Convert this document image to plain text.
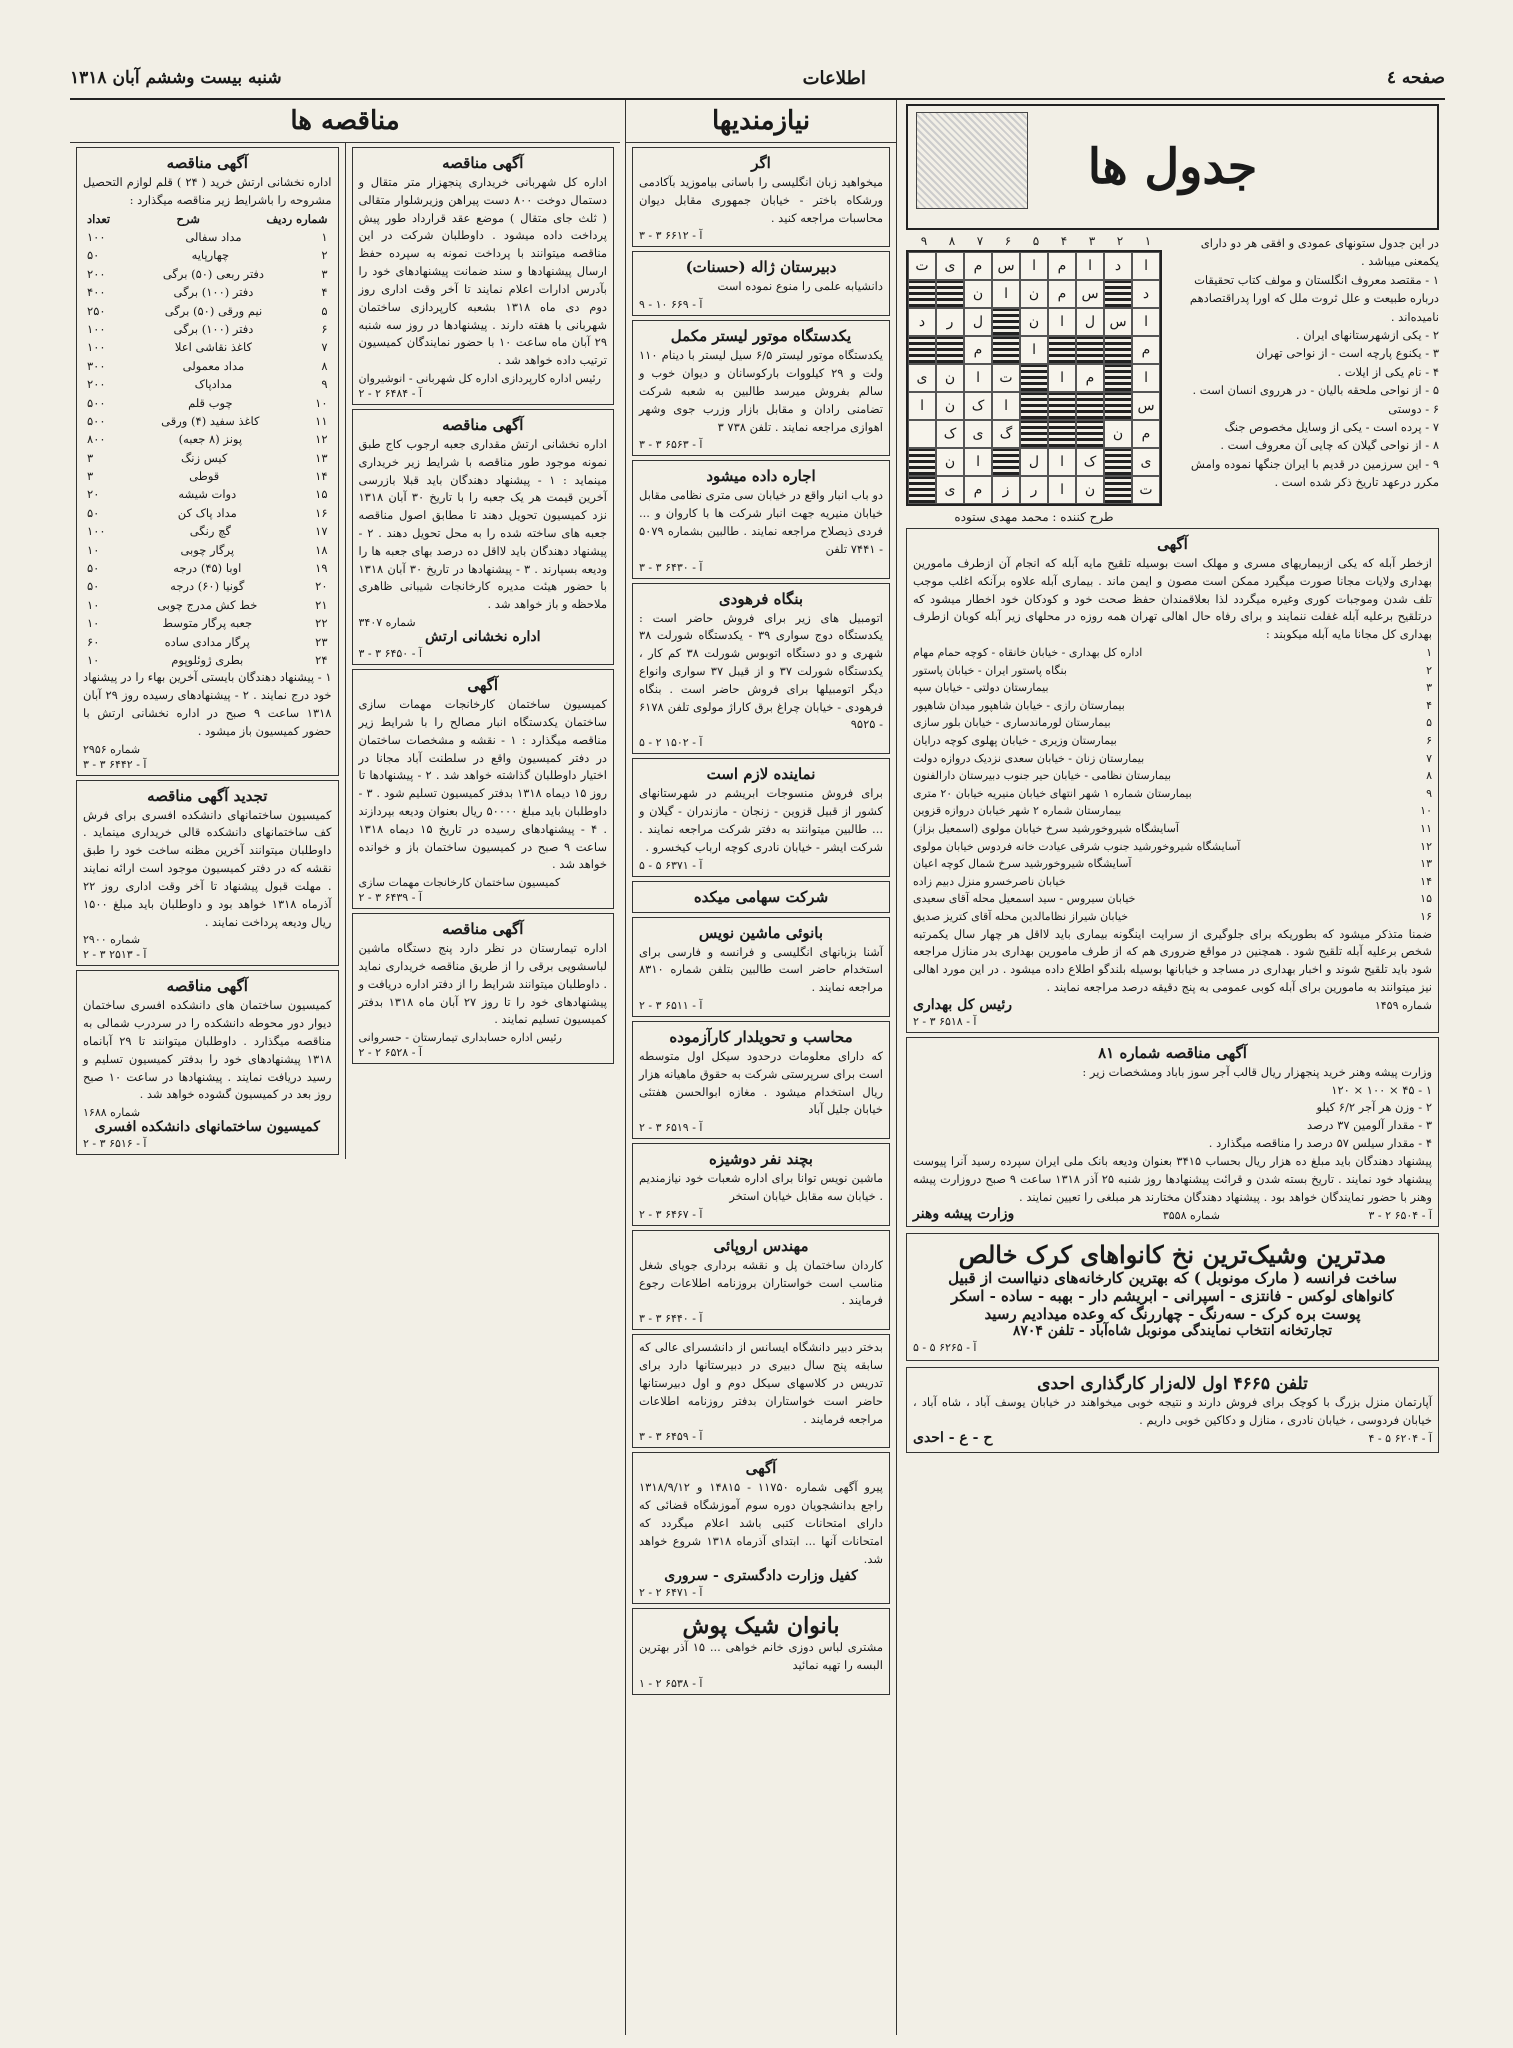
صفحه ٤
اطلاعات
شنبه بیست وششم آبان ۱۳۱۸
جدول ها
در این جدول ستونهای عمودی و افقی هر دو دارای یکمعنی میباشد .
۱ - مقتصد معروف انگلستان و مولف کتاب تحقیقات درباره طبیعت و علل ثروت ملل که اورا پدراقتصادهم نامیده‌اند .
۲ - یکی ازشهرستانهای ایران .
۳ - یکنوع پارچه است - از نواحی تهران
۴ - نام یکی از ایلات .
۵ - از نواحی ملحقه بالیان - در هرروی انسان است .
۶ - دوستی
۷ - پرده است - یکی از وسایل مخصوص جنگ
۸ - از نواحی گیلان که چایی آن معروف است .
۹ - این سرزمین در قدیم با ایران جنگها نموده وامش مکرر درعهد تاریخ ذکر شده است .
۱
۲
۳
۴
۵
۶
۷
۸
۹
ا
د
ا
م
ا
س
م
ی
ت
د
س
م
ن
ا
ن
ا
س
ل
ا
ن
ل
ر
د
م
ا
م
ا
م
ا
ت
ا
ن
ی
س
ا
ک
ن
ا
م
ن
گ
ی
ک
ی
ک
ا
ل
ا
ن
ت
ن
ا
ر
ز
م
ی
طرح کننده : محمد مهدی ستوده
آگهی
ازخطر آبله که یکی ازبیماریهای مسری و مهلک است بوسیله تلقیح مایه آبله که انجام آن ازطرف مامورین بهداری ولایات مجانا صورت میگیرد ممکن است مصون و ایمن ماند . بیماری آبله علاوه برآنکه اغلب موجب تلف شدن وموجبات کوری وغیره میگردد لذا بعلاقمندان حفظ صحت خود و کودکان خود اخطار میشود که درتلقیح برعلیه آبله غفلت ننمایند و برای رفاه حال اهالی تهران همه روزه در محلهای زیر آبله کوبان ازطرف بهداری کل مجانا مایه آبله میکوبند :
۱
اداره کل بهداری - خیابان خانقاه - کوچه حمام مهام
۲
بنگاه پاستور ایران - خیابان پاستور
۳
بیمارستان دولتی - خیابان سپه
۴
بیمارستان رازی - خیابان شاهپور میدان شاهپور
۵
بیمارستان لورماندساری - خیابان بلور سازی
۶
بیمارستان وزیری - خیابان پهلوی کوچه درایان
۷
بیمارستان زنان - خیابان سعدی نزدیک دروازه دولت
۸
بیمارستان نظامی - خیابان حیر جنوب دبیرستان دارالفنون
۹
بیمارستان شماره ۱ شهر انتهای خیابان منیریه خیابان ۲۰ متری
۱۰
بیمارستان شماره ۲ شهر خیابان دروازه قزوین
۱۱
آسایشگاه شیروخورشید سرخ خیابان مولوی (اسمعیل بزاز)
۱۲
آسایشگاه شیروخورشید جنوب شرقی عیادت خانه فردوس خیابان مولوی
۱۳
آسایشگاه شیروخورشید سرخ شمال کوچه اعیان
۱۴
خیابان ناصرخسرو منزل دبیم زاده
۱۵
خیابان سیروس - سید اسمعیل محله آقای سعیدی
۱۶
خیابان شیراز نظامالدین محله آقای کتریز صدیق
ضمنا متذکر میشود که بطوریکه برای جلوگیری از سرایت اینگونه بیماری باید لااقل هر چهار سال یکمرتبه شخص برعلیه آبله تلقیح شود . همچنین در مواقع ضروری هم که از طرف مامورین بهداری بدر منازل مراجعه شود باید تلقیح شوند و اخبار بهداری در مساجد و خیابانها بوسیله بلندگو اطلاع داده میشود . در این مورد اهالی نیز میتوانند به مامورین برای آبله کوبی عمومی به پنج دقیقه درصد مراجعه نمایند .
شماره ۱۴۵۹
رئیس کل بهداری
آ - ۶۵۱۸ ۳ - ۲
آگهی مناقصه شماره ۸۱
وزارت پیشه وهنر خرید پنجهزار ریال قالب آجر سوز باباد ومشخصات زیر :
۱ - ۴۵ × ۱۰۰ × ۱۲۰
۲ - وزن هر آجر ۶/۲ کیلو
۳ - مقدار آلومین ۳۷ درصد
۴ - مقدار سیلس ۵۷ درصد را مناقصه میگذارد .
پیشنهاد دهندگان باید مبلغ ده هزار ریال بحساب ۳۴۱۵ بعنوان ودیعه بانک ملی ایران سپرده رسید آنرا پیوست پیشنهاد خود نمایند . تاریخ بسته شدن و قرائت پیشنهادها روز شنبه ۲۵ آذر ۱۳۱۸ ساعت ۹ صبح دروزارت پیشه وهنر با حضور نمایندگان خواهد بود . پیشنهاد دهندگان مختارند هر مبلغی را تعیین نمایند .
آ - ۶۵۰۴ ۲ - ۳
شماره ۳۵۵۸
وزارت پیشه وهنر
مدترین وشیک‌ترین نخ کانواهای کرک خالص
ساخت فرانسه ( مارک مونوبل ) که بهترین کارخانه‌های دنیااست از قبیل
کانواهای لوکس - فانتزی - اسپرانی - ابریشم دار - بهبه - ساده - اسکر
پوست بره کرک - سه‌رنگ - چهاررنگ که وعده میدادیم رسید
تجارتخانه انتخاب نمایندگی مونوبل شاه‌آباد - تلفن ۸۷۰۴
آ - ۶۲۶۵ ۵ - ۵
تلفن ۴۶۶۵ اول لاله‌زار کارگذاری احدی
آپارتمان منزل بزرگ با کوچک برای فروش دارند و نتیجه خوبی میخواهند در خیابان یوسف آباد ، شاه آباد ، خیابان فردوسی ، خیابان نادری ، منازل و دکاکین خوبی داریم .
آ - ۶۲۰۴ ۵ - ۴
ح - ع - احدی
نیازمندیها
اگر
میخواهید زبان انگلیسی را باسانی بیاموزید بآکادمی ورشکاه باختر - خیابان جمهوری مقابل دیوان محاسبات مراجعه کنید .
آ - ۶۶۱۲ ۳ - ۳
دبیرستان ژاله (حسنات)
دانشیابه علمی را منوع نموده است
آ - ۶۶۹ ۱۰ - ۹
یکدستگاه موتور لیستر مکمل
یکدستگاه موتور لیستر ۶/۵ سیل لیستر با دینام ۱۱۰ ولت و ۲۹ کیلووات بارکوسانان و دیوان خوب و سالم بفروش میرسد طالبین به شعبه شرکت تضامنی رادان و مقابل بازار وزرب جوی وشهر اهوازی مراجعه نمایند . تلفن ۷۳۸ ۳
آ - ۶۵۶۳ ۳ - ۳
اجاره داده میشود
دو باب انبار واقع در خیابان سی متری نظامی مقابل خیابان منیریه جهت انبار شرکت ها با کاروان و ... فردی ذیصلاح مراجعه نمایند . طالبین بشماره ۵۰۷۹ - ۷۴۴۱ تلفن
آ - ۶۴۳۰ ۳ - ۳
بنگاه فرهودی
اتومبیل های زیر برای فروش حاضر است : یکدستگاه دوج سواری ۳۹ - یکدستگاه شورلت ۳۸ شهری و دو دستگاه اتوبوس شورلت ۳۸ کم کار ، یکدستگاه شورلت ۳۷ و از قیبل ۳۷ سواری وانواع دیگر اتومبیلها برای فروش حاضر است . بنگاه فرهودی - خیابان چراغ برق کاراژ مولوی تلفن ۶۱۷۸ - ۹۵۲۵
آ - ۱۵۰۲ ۲ - ۵
نماینده لازم است
برای فروش منسوجات ابریشم در شهرستانهای کشور از قبیل قزوین - زنجان - مازندران - گیلان و ... طالبین میتوانند به دفتر شرکت مراجعه نمایند . شرکت ایشر - خیابان نادری کوچه ارباب کیخسرو .
آ - ۶۳۷۱ ۵ - ۵
شرکت سهامی میکده
بانوئی ماشین نویس
آشنا بزبانهای انگلیسی و فرانسه و فارسی برای استخدام حاضر است طالبین بتلفن شماره ۸۳۱۰ مراجعه نمایند .
آ - ۶۵۱۱ ۳ - ۲
محاسب و تحویلدار کارآزموده
که دارای معلومات درحدود سیکل اول متوسطه است برای سرپرستی شرکت به حقوق ماهیانه هزار ریال استخدام میشود . مغازه ابوالحسن هفتئی خیابان جلیل آباد
آ - ۶۵۱۹ ۳ - ۲
بچند نفر دوشیزه
ماشین نویس توانا برای اداره شعبات خود نیازمندیم . خیابان سه مقابل خیابان استخر
آ - ۶۴۶۷ ۳ - ۲
مهندس اروپائی
کاردان ساختمان پل و نقشه برداری جویای شغل مناسب است خواستاران بروزنامه اطلاعات رجوع فرمایند .
آ - ۶۴۴۰ ۳ - ۳
بدختر دبیر دانشگاه ایسانس از دانشسرای عالی که سابقه پنج سال دبیری در دبیرستانها دارد برای تدریس در کلاسهای سیکل دوم و اول دبیرستانها حاضر است خواستاران بدفتر روزنامه اطلاعات مراجعه فرمایند .
آ - ۶۴۵۹ ۳ - ۳
آگهی
پیرو آگهی شماره ۱۱۷۵۰ - ۱۴۸۱۵ و ۱۳۱۸/۹/۱۲ راجع بدانشجویان دوره سوم آموزشگاه قضائی که دارای امتحانات کتبی باشد اعلام میگردد که امتحانات آنها ... ابتدای آذرماه ۱۳۱۸ شروع خواهد شد.
کفیل وزارت دادگستری - سروری
آ - ۶۴۷۱ ۲ - ۲
بانوان شیک پوش
مشتری لباس دوزی خانم خواهی ... ۱۵ آذر بهترین البسه را تهیه نمائید
آ - ۶۵۳۸ ۲ - ۱
مناقصه ها
آگهی مناقصه
اداره کل شهربانی خریداری پنجهزار متر متقال و دستمال دوخت ۸۰۰ دست پیراهن وزیرشلوار متقالی ( ثلث جای متقال ) موضع عقد قرارداد طور پیش پرداخت داده میشود . داوطلبان شرکت در این مناقصه میتوانند با پرداخت نمونه به سپرده حفظ ارسال پیشنهادها و سند ضمانت پیشنهادهای خود را بآدرس ادارات اعلام نمایند تا آخر وقت اداری روز دوم دی ماه ۱۳۱۸ بشعبه کارپردازی ساختمان شهربانی با هفته دارند . پیشنهادها در روز سه شنبه ۲۹ آبان ماه ساعت ۱۰ با حضور نمایندگان کمیسیون ترتیب داده خواهد شد .
رئیس اداره کارپردازی اداره کل شهربانی - انوشیروان
آ - ۶۴۸۴ ۲ - ۲
آگهی مناقصه
اداره نخشانی ارتش مقداری جعبه ارجوب کاج طبق نمونه موجود طور مناقصه با شرایط زیر خریداری مینماید : ۱ - پیشنهاد دهندگان باید قبلا بازرسی آخرین قیمت هر یک جعبه را با تاریخ ۳۰ آبان ۱۳۱۸ نزد کمیسیون تحویل دهند تا مطابق اصول مناقصه جعبه های ساخته شده را به محل تحویل دهند . ۲ - پیشنهاد دهندگان باید لااقل ده درصد بهای جعبه ها را ودیعه بسپارند . ۳ - پیشنهادها در تاریخ ۳۰ آبان ۱۳۱۸ با حضور هیئت مدیره کارخانجات شیبانی ظاهری ملاحظه و باز خواهد شد .
شماره ۳۴۰۷
اداره نخشانی ارتش
آ - ۶۴۵۰ ۳ - ۳
آگهی
کمیسیون ساختمان کارخانجات مهمات سازی ساختمان یکدستگاه انبار مصالح را با شرایط زیر مناقصه میگذارد : ۱ - نقشه و مشخصات ساختمان در دفتر کمیسیون واقع در سلطنت آباد مجانا در اختیار داوطلبان گذاشته خواهد شد . ۲ - پیشنهادها تا روز ۱۵ دیماه ۱۳۱۸ بدفتر کمیسیون تسلیم شود . ۳ - داوطلبان باید مبلغ ۵۰۰۰۰ ریال بعنوان ودیعه بپردازند . ۴ - پیشنهادهای رسیده در تاریخ ۱۵ دیماه ۱۳۱۸ ساعت ۹ صبح در کمیسیون ساختمان باز و خوانده خواهد شد .
کمیسیون ساختمان کارخانجات مهمات سازی
آ - ۶۴۳۹ ۳ - ۲
آگهی مناقصه
اداره تیمارستان در نظر دارد پنج دستگاه ماشین لباسشویی برقی را از طریق مناقصه خریداری نماید . داوطلبان میتوانند شرایط را از دفتر اداره دریافت و پیشنهادهای خود را تا روز ۲۷ آبان ماه ۱۳۱۸ بدفتر کمیسیون تسلیم نمایند .
رئیس اداره حسابداری تیمارستان - حسروانی
آ - ۶۵۲۸ ۲ - ۲
آگهی مناقصه
اداره نخشانی ارتش خرید ( ۲۴ ) قلم لوازم التحصیل مشروحه را باشرایط زیر مناقصه میگذارد :
شماره ردیف
شرح
تعداد
۱
مداد سفالی
۱۰۰
۲
چهارپایه
۵۰
۳
دفتر ربعی (۵۰) برگی
۲۰۰
۴
دفتر (۱۰۰) برگی
۴۰۰
۵
نیم ورقی (۵۰) برگی
۲۵۰
۶
دفتر (۱۰۰) برگی
۱۰۰
۷
کاغذ نقاشی اعلا
۱۰۰
۸
مداد معمولی
۳۰۰
۹
مدادپاک
۲۰۰
۱۰
چوب قلم
۵۰۰
۱۱
کاغذ سفید (۴) ورقی
۵۰۰
۱۲
پونز (۸ جعبه)
۸۰۰
۱۳
کیس زنگ
۳
۱۴
قوطی
۳
۱۵
دوات شیشه
۲۰
۱۶
مداد پاک کن
۵۰
۱۷
گچ رنگی
۱۰۰
۱۸
پرگار چوبی
۱۰
۱۹
اوبا (۴۵) درجه
۵۰
۲۰
گونیا (۶۰) درجه
۵۰
۲۱
خط کش مدرج چوبی
۱۰
۲۲
جعبه پرگار متوسط
۱۰
۲۳
پرگار مدادی ساده
۶۰
۲۴
بطری ژوئلوپوم
۱۰
۱ - پیشنهاد دهندگان بایستی آخرین بهاء را در پیشنهاد خود درج نمایند . ۲ - پیشنهادهای رسیده روز ۲۹ آبان ۱۳۱۸ ساعت ۹ صبح در اداره نخشانی ارتش با حضور کمیسیون باز میشود .
شماره ۲۹۵۶
آ - ۶۴۴۲ ۳ - ۳
تجدید آگهی مناقصه
کمیسیون ساختمانهای دانشکده افسری برای فرش کف ساختمانهای دانشکده قالی خریداری مینماید . داوطلبان میتوانند آخرین مظنه ساخت خود را طبق نقشه که در دفتر کمیسیون موجود است ارائه نمایند . مهلت قبول پیشنهاد تا آخر وقت اداری روز ۲۲ آذرماه ۱۳۱۸ خواهد بود و داوطلبان باید مبلغ ۱۵۰۰ ریال ودیعه پرداخت نمایند .
شماره ۲۹۰۰
آ - ۲۵۱۳ ۳ - ۲
آگهی مناقصه
کمیسیون ساختمان های دانشکده افسری ساختمان دیوار دور محوطه دانشکده را در سردرب شمالی به مناقصه میگذارد . داوطلبان میتوانند تا ۲۹ آبانماه ۱۳۱۸ پیشنهادهای خود را بدفتر کمیسیون تسلیم و رسید دریافت نمایند . پیشنهادها در ساعت ۱۰ صبح روز بعد در کمیسیون گشوده خواهد شد .
شماره ۱۶۸۸
کمیسیون ساختمانهای دانشکده افسری
آ - ۶۵۱۶ ۳ - ۲
